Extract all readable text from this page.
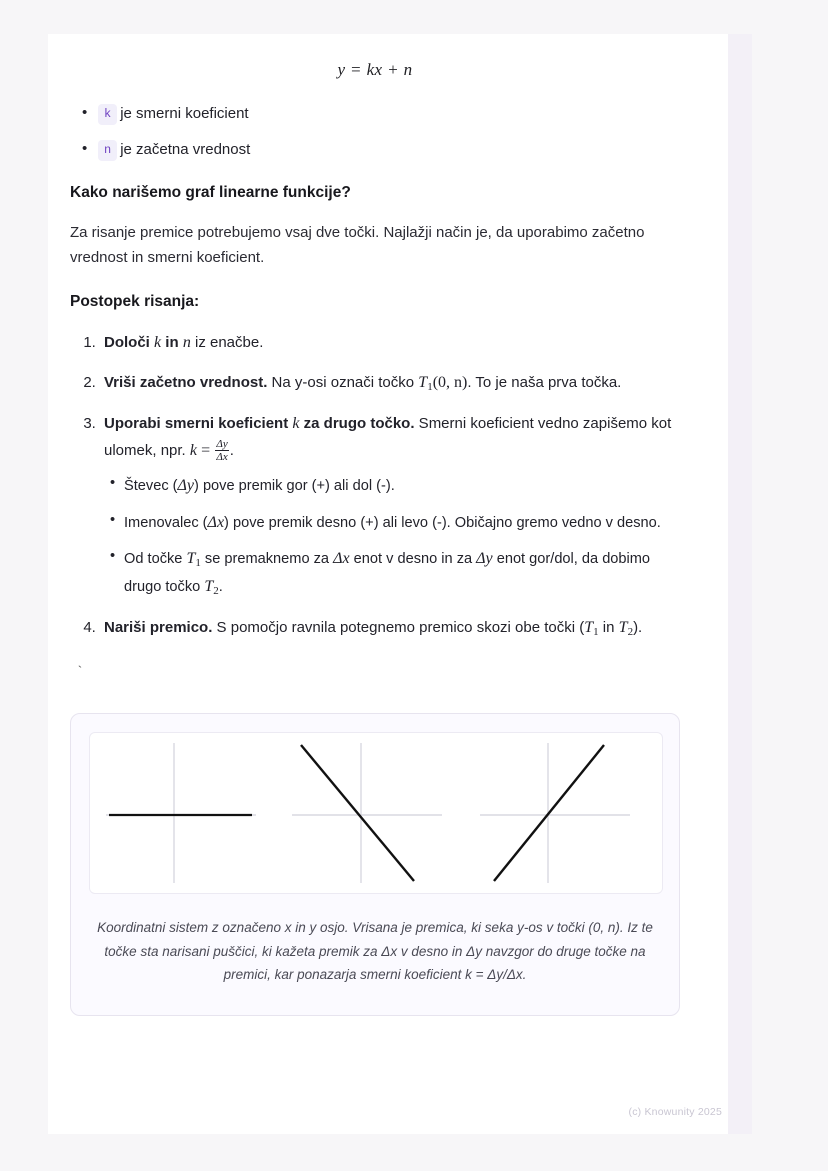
y = kx + n
• k je smerni koeficient
• n je začetna vrednost
Kako narišemo graf linearne funkcije?

Za risanje premice potrebujemo vsaj dve točki. Najlažji način je, da uporabimo začetno vrednost in smerni koeficient.

Postopek risanja:
1. Določi k in n iz enačbe.
2. Vriši začetno vrednost. Na y-osi označi točko $T_1(0$, n). To je naša prva točka.
3. Uporabi smerni koeficient k za drugo točko. Smerni koeficient vedno zapišemo kot ulomek, npr. $k = \frac{\Delta y}{\Delta x}$ .
• Števec (Δy) pove premik gor (+) ali dol (-).
• Imenovalec (Δx) pove premik desno (+) ali levo (-). Običajno gremo vedno v desno.
• Od točke $T_1$ se premaknemo za Δx enot v desno in za Δy enot gor/dol, da dobimo drugo točko $T_2$.
4. Nariši premico. S pomočjo ravnila potegnemo premico skozi obe točki ($T_1$ in $T_2$).
`
Koordinatni sistem z označeno x in y osjo. Vrisana je premica, ki seka y-os v točki (0, n). Iz te točke sta narisani puščici, ki kažeta premik za Δx v desno in Δy navzgor do druge točke na premici, kar ponazarja smerni koeficient k = Δy/Δx.
(c) Knowunity 2025
